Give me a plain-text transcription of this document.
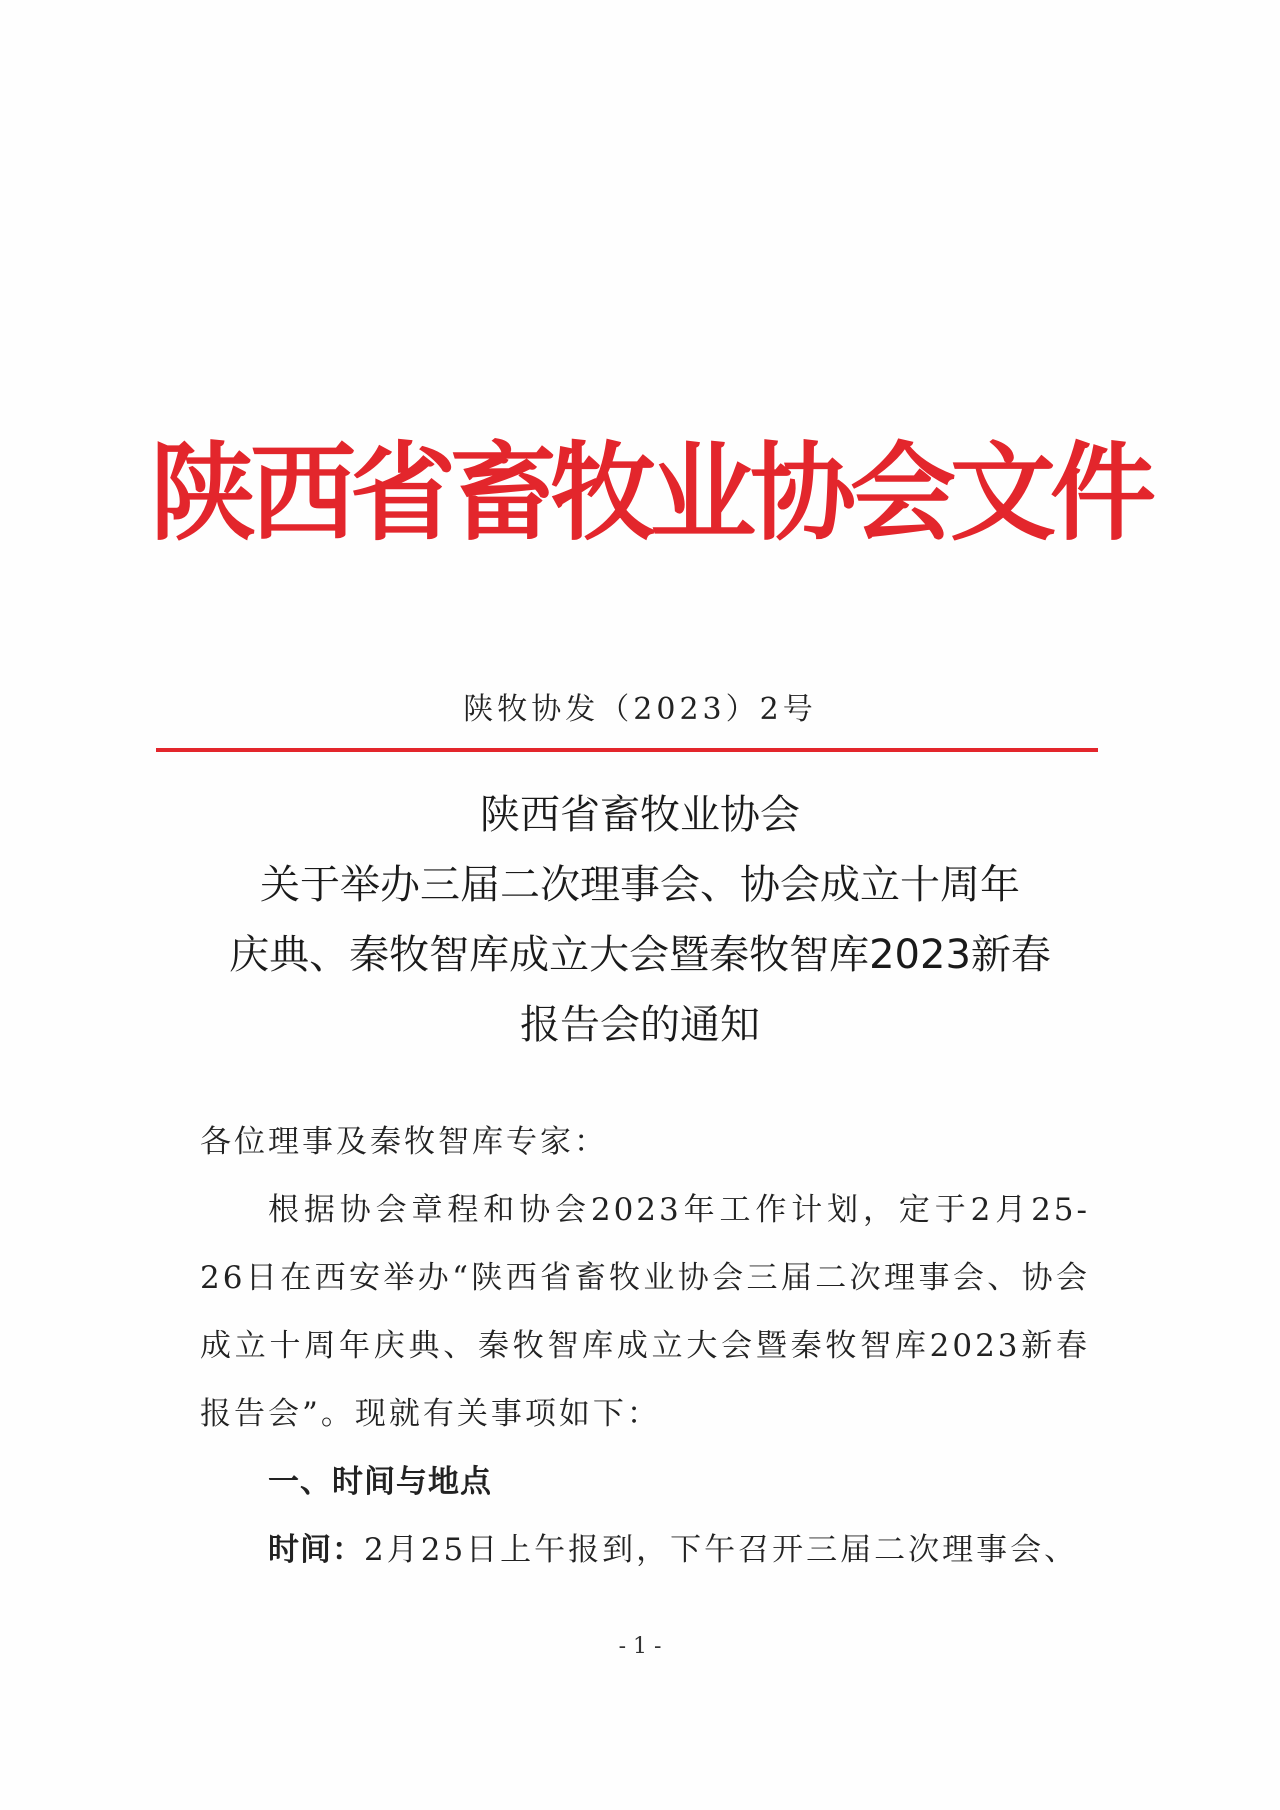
陕西省畜牧业协会文件
陕牧协发（2023）2号
陕西省畜牧业协会
关于举办三届二次理事会、协会成立十周年
庆典、秦牧智库成立大会暨秦牧智库2023新春
报告会的通知

各位理事及秦牧智库专家：

根据协会章程和协会2023年工作计划，定于2月25-26日在西安举办“陕西省畜牧业协会三届二次理事会、协会成立十周年庆典、秦牧智库成立大会暨秦牧智库2023新春报告会”。现就有关事项如下：

一、时间与地点

时间：2月25日上午报到，下午召开三届二次理事会、

- 1 -
